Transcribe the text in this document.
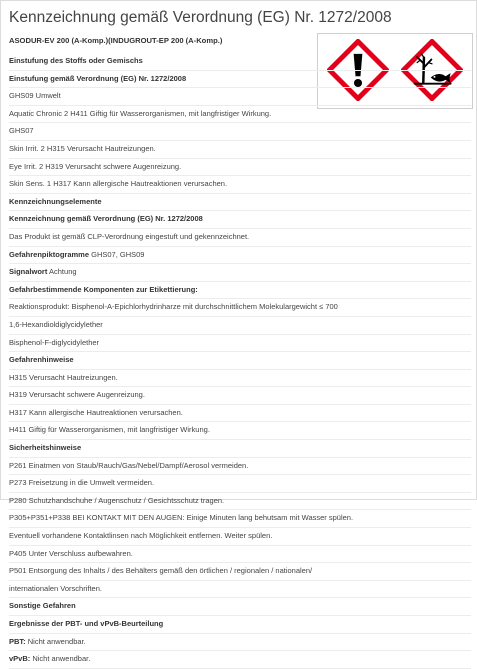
Kennzeichnung gemäß Verordnung (EG) Nr. 1272/2008
ASODUR-EV 200 (A-Komp.)(INDUGROUT-EP 200 (A-Komp.)
Einstufung des Stoffs oder Gemischs
Einstufung gemäß Verordnung (EG) Nr. 1272/2008
GHS09 Umwelt
Aquatic Chronic 2 H411 Giftig für Wasserorganismen, mit langfristiger Wirkung.
GHS07
Skin Irrit. 2 H315 Verursacht Hautreizungen.
Eye Irrit. 2 H319 Verursacht schwere Augenreizung.
Skin Sens. 1 H317 Kann allergische Hautreaktionen verursachen.
Kennzeichnungselemente
Kennzeichnung gemäß Verordnung (EG) Nr. 1272/2008
Das Produkt ist gemäß CLP-Verordnung eingestuft und gekennzeichnet.
Gefahrenpiktogramme GHS07, GHS09
Signalwort Achtung
Gefahrbestimmende Komponenten zur Etikettierung:
Reaktionsprodukt: Bisphenol-A-Epichlorhydrinharze mit durchschnittlichem Molekulargewicht ≤ 700
1,6-Hexandioldiglycidylether
Bisphenol-F-diglycidylether
Gefahrenhinweise
H315 Verursacht Hautreizungen.
H319 Verursacht schwere Augenreizung.
H317 Kann allergische Hautreaktionen verursachen.
H411 Giftig für Wasserorganismen, mit langfristiger Wirkung.
Sicherheitshinweise
P261 Einatmen von Staub/Rauch/Gas/Nebel/Dampf/Aerosol vermeiden.
P273 Freisetzung in die Umwelt vermeiden.
P280 Schutzhandschuhe / Augenschutz / Gesichtsschutz tragen.
P305+P351+P338 BEI KONTAKT MIT DEN AUGEN: Einige Minuten lang behutsam mit Wasser spülen.
Eventuell vorhandene Kontaktlinsen nach Möglichkeit entfernen. Weiter spülen.
P405 Unter Verschluss aufbewahren.
P501 Entsorgung des Inhalts / des Behälters gemäß den örtlichen / regionalen / nationalen/
internationalen Vorschriften.
Sonstige Gefahren
Ergebnisse der PBT- und vPvB-Beurteilung
PBT: Nicht anwendbar.
vPvB: Nicht anwendbar.
